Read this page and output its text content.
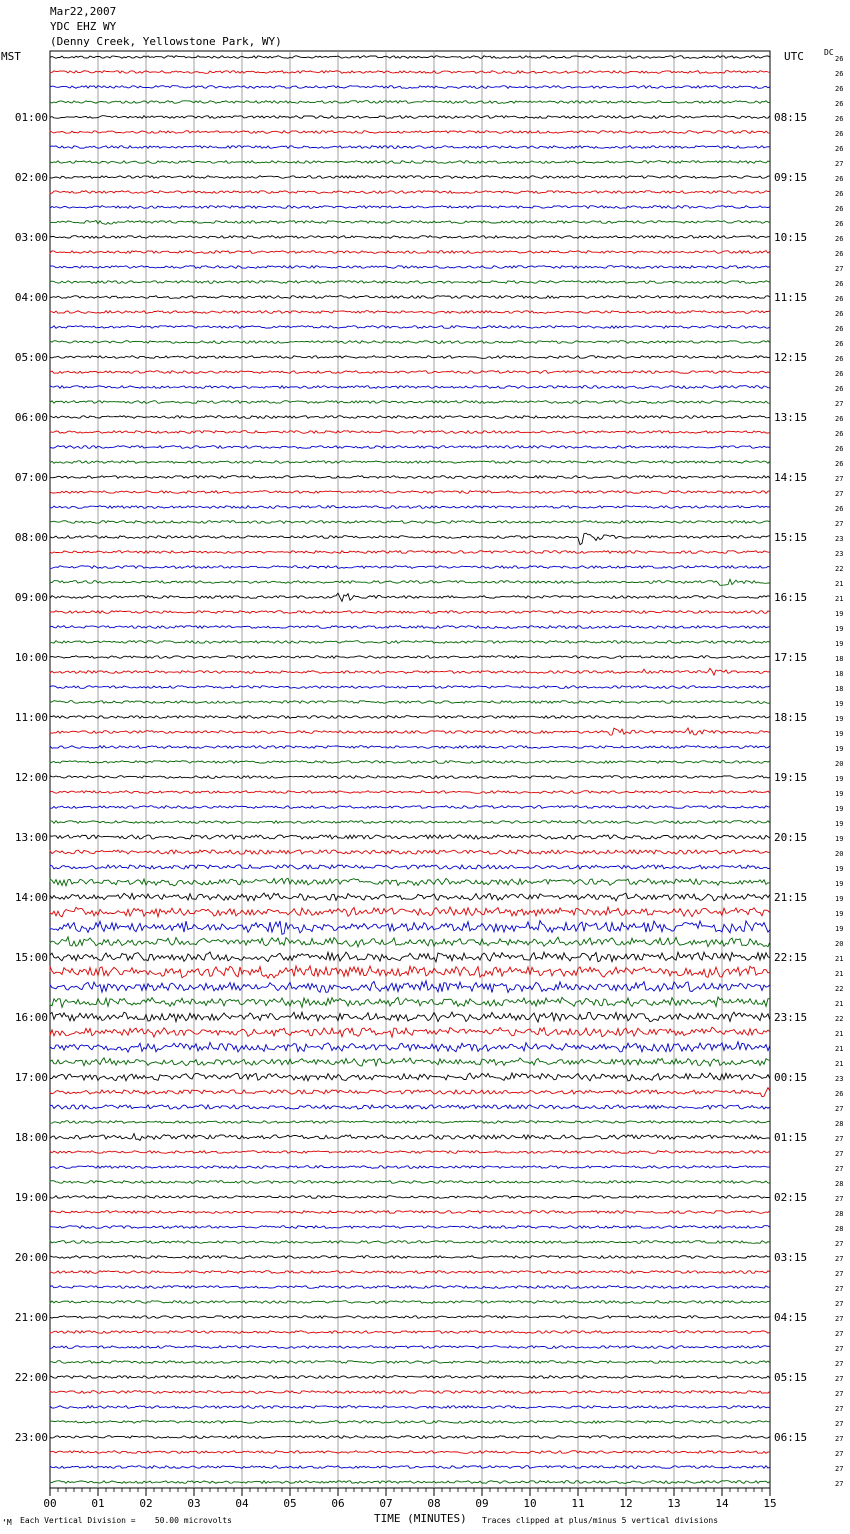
26
26
26
26
26
01:00	08:15
26
26
27
26
02:00	09:15
26
26
26
26
03:00	10:15
26
27
26
26
04:00	11:15
26
26
26
26
05:00	12:15
26
26
27
26
06:00	13:15
26
26
26
27
07:00	14:15
27
26
27
23
08:00	15:15
23
22
21
21
09:00	16:15
19
19
19
18
10:00	17:15
18
18
19
19
11:00	18:15
19
19
20
19
12:00	19:15
19
19
19
19
13:00	20:15
20
19
19
19
14:00	21:15
19
19
20
21
15:00	22:15
21
22
21
22
16:00	23:15
21
21
21
23
17:00	00:15
26
27
28
27
18:00	01:15
27
27
28
27
19:00	02:15
28
28
27
27
20:00	03:15
27
27
27
27
21:00	04:15
27
27
27
27
22:00	05:15
27
27
27
27
23:00	06:15
27
27
27
00	01	02	03	04	05	06	07	08	09	10	11	12	13	14	15
Mar22,2007
YDC EHZ WY
(Denny Creek, Yellowstone Park, WY)
MST	UTC	DC
‘M Each Vertical Division =    50.00 microvolts	TIME (MINUTES) Traces clipped at plus/minus 5 vertical divisions
